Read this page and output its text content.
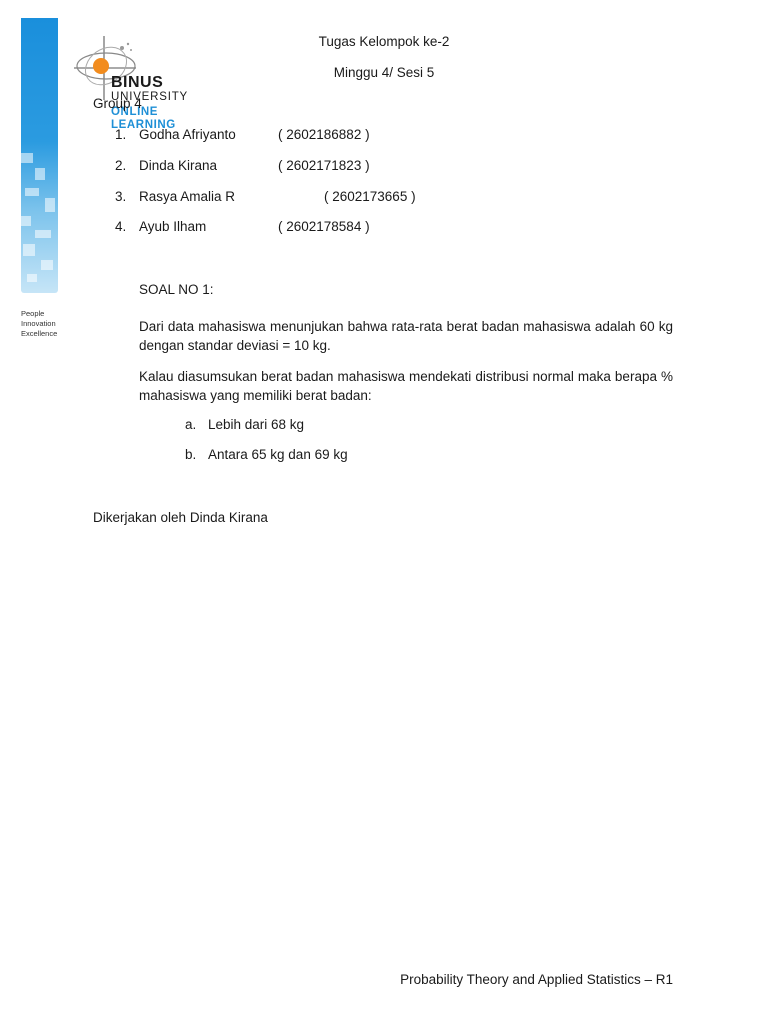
People
Innovation
Excellence
BINUS
UNIVERSITY
ONLINE
LEARNING
Tugas Kelompok ke-2
Minggu 4/ Sesi 5
Group 4
1. Godha Afriyanto	( 2602186882 )
2. Dinda Kirana	( 2602171823 )
3. Rasya Amalia R	( 2602173665 )
4. Ayub Ilham	( 2602178584 )
SOAL NO 1:
Dari data mahasiswa menunjukan bahwa rata-rata berat badan mahasiswa adalah 60 kg dengan standar deviasi = 10 kg.
Kalau diasumsukan berat badan mahasiswa mendekati distribusi normal maka berapa % mahasiswa yang memiliki berat badan:
a. Lebih dari 68 kg
b. Antara 65 kg dan 69 kg
Dikerjakan oleh Dinda Kirana
Probability Theory and Applied Statistics – R1
